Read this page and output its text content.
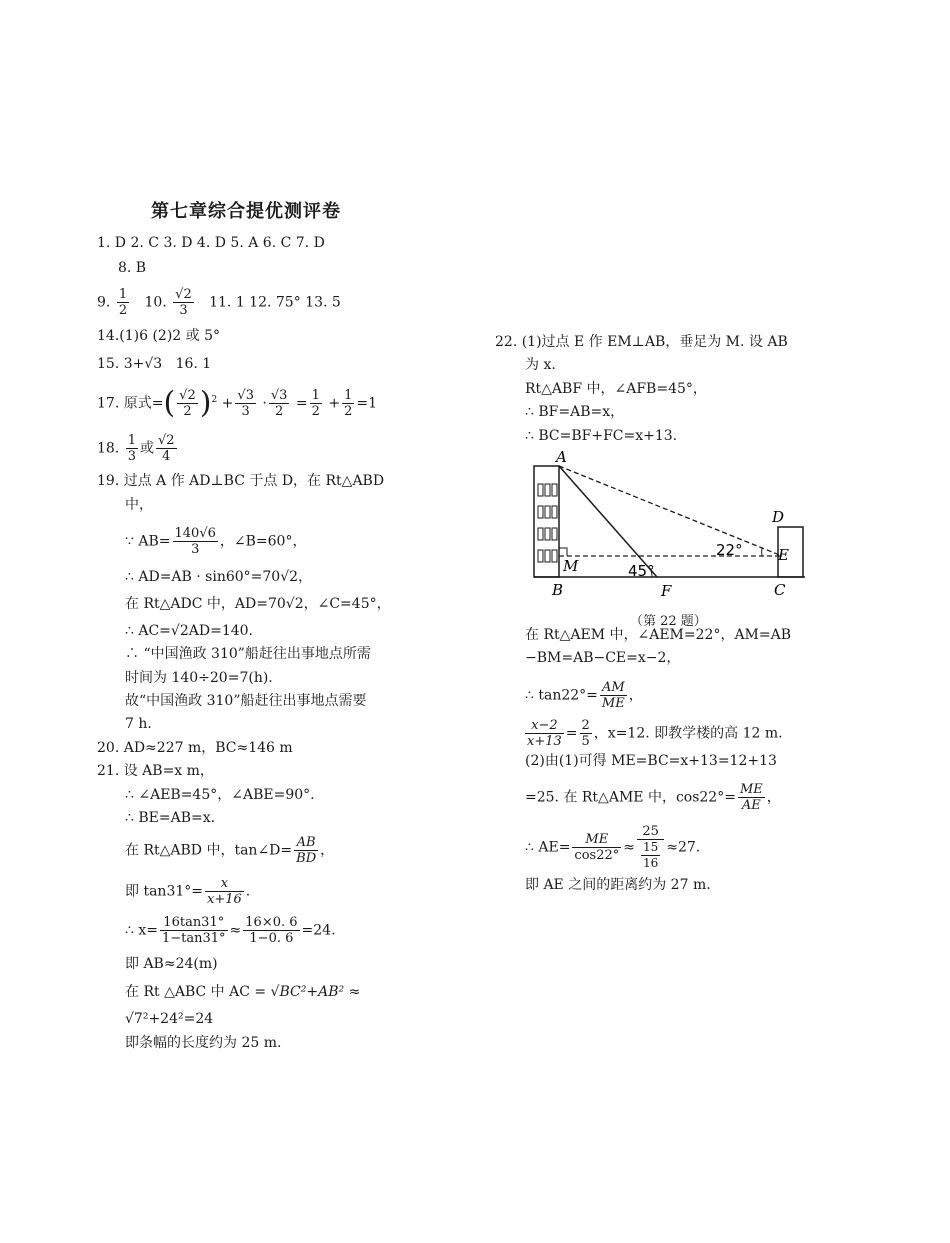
第七章综合提优测评卷
1. D 2. C 3. D 4. D 5. A 6. C 7. D
8. B
9. $\frac{1}{2} 10$. $\frac{√2}{3} 11$. 1 12. 75° 13. 5
14.(1)6 (2)2 或 5°
15. 3+√3 16. 1
17. 原式=( $\frac{√2}{2} )^2 + \frac{√3}{3} \cdot \frac{√3}{2} = \frac{1}{2} + \frac{1}{2} =1$
18. $\frac{1}{3}$ 或 $\frac{√2}{4}$
19. 过点 A 作 AD⊥BC 于点 D，在 Rt△ABD
中，
∵ $AB= \frac{140√6}{3}$ ，∠B=60°，
∴ AD=AB · sin60°=70√2，
在 Rt△ADC 中，AD=70√2，∠C=45°，
∴ AC=√2AD=140.
∴ “中国渔政 310”船赶往出事地点所需
时间为 140÷20=7(h).
故“中国渔政 310”船赶往出事地点需要
7 h.
20. AD≈227 m，BC≈146 m
21. 设 AB=x m，
∴ ∠AEB=45°，∠ABE=90°.
∴ BE=AB=x.
在 Rt△ABD 中，tan∠D= $\frac{AB}{BD}$ ，
即 $\tan 31^\circ= \frac{x}{x+16}$ .
∴ $x= \frac{16\tan 31^\circ}{1-\tan 31^\circ} \approx \frac{16\times 0. 6}{1-0. 6} =24$.
即 AB≈24(m)
在 Rt △ABC 中 AC = √BC²+AB² ≈
√7²+24²=24
即条幅的长度约为 25 m.
22. (1)过点 E 作 EM⊥AB，垂足为 M. 设 AB
为 x.
Rt△ABF 中，∠AFB=45°，
∴ BF=AB=x，
∴ BC=BF+FC=x+13.
A
B	C
D
E
F
M	45°
22°
（第 22 题）
在 Rt△AEM 中，∠AEM=22°，AM=AB
−BM=AB−CE=x−2，
∴ $\tan 22^\circ= \frac{AM}{ME}$ ，
$\frac{x-2}{x+13} = \frac{2}{5}$ ，x=12. 即教学楼的高 12 m.
(2)由(1)可得 ME=BC=x+13=12+13
=25. 在 Rt△AME 中，$\cos 22^\circ= \frac{ME}{AE}$ ，
∴ $AE= \frac{ME}{\cos 22^\circ} \approx \frac{25}{\frac{15}{16}} \approx 27$.
即 AE 之间的距离约为 27 m.
